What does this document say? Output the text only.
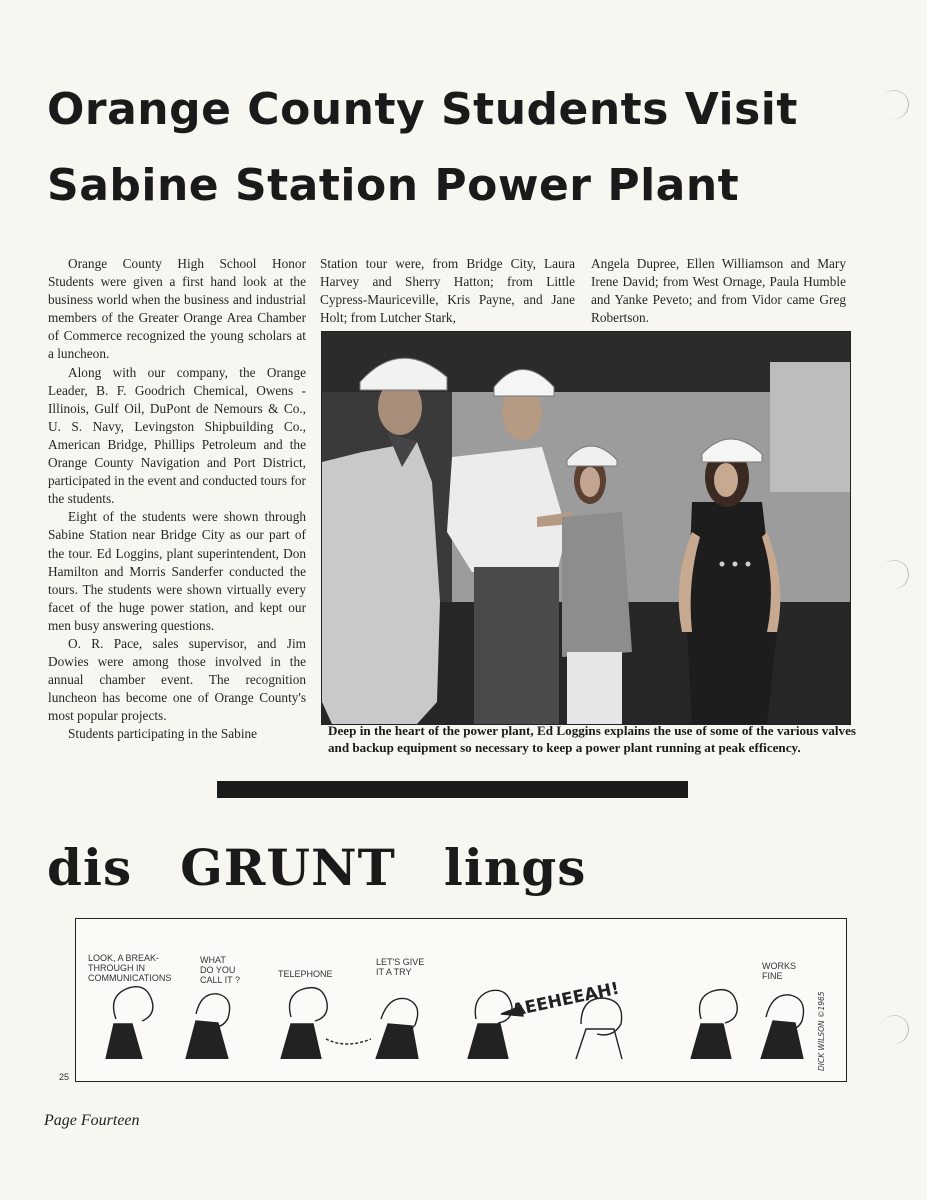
Orange County Students Visit
Sabine Station Power Plant

Orange County High School Honor Students were given a first hand look at the business world when the business and industrial members of the Greater Orange Area Chamber of Commerce recognized the young scholars at a luncheon.

Along with our company, the Orange Leader, B. F. Goodrich Chemical, Owens -Illinois, Gulf Oil, DuPont de Nemours & Co., U. S. Navy, Levingston Shipbuilding Co., American Bridge, Phillips Petroleum and the Orange County Navigation and Port District, participated in the event and conducted tours for the students.

Eight of the students were shown through Sabine Station near Bridge City as our part of the tour. Ed Loggins, plant superintendent, Don Hamilton and Morris Sanderfer conducted the tours. The students were shown virtually every facet of the huge power station, and kept our men busy answering questions.

O. R. Pace, sales supervisor, and Jim Dowies were among those involved in the annual chamber event. The recognition luncheon has become one of Orange County's most popular projects.

Students participating in the Sabine

Station tour were, from Bridge City, Laura Harvey and Sherry Hatton; from Little Cypress-Mauriceville, Kris Payne, and Jane Holt; from Lutcher Stark,

Angela Dupree, Ellen Williamson and Mary Irene David; from West Ornage, Paula Humble and Yanke Peveto; and from Vidor came Greg Robertson.

Deep in the heart of the power plant, Ed Loggins explains the use of some of the various valves and backup equipment so necessary to keep a power plant running at peak efficency.
dis GRUNT lings
LOOK, A BREAK-
THROUGH IN
COMMUNICATIONS
WHAT
DO YOU
CALL IT ?
TELEPHONE
LET'S GIVE
IT A TRY
WORKS
FINE
AEEHEEAH!	DICK WILSON ©1965
25
Page Fourteen
